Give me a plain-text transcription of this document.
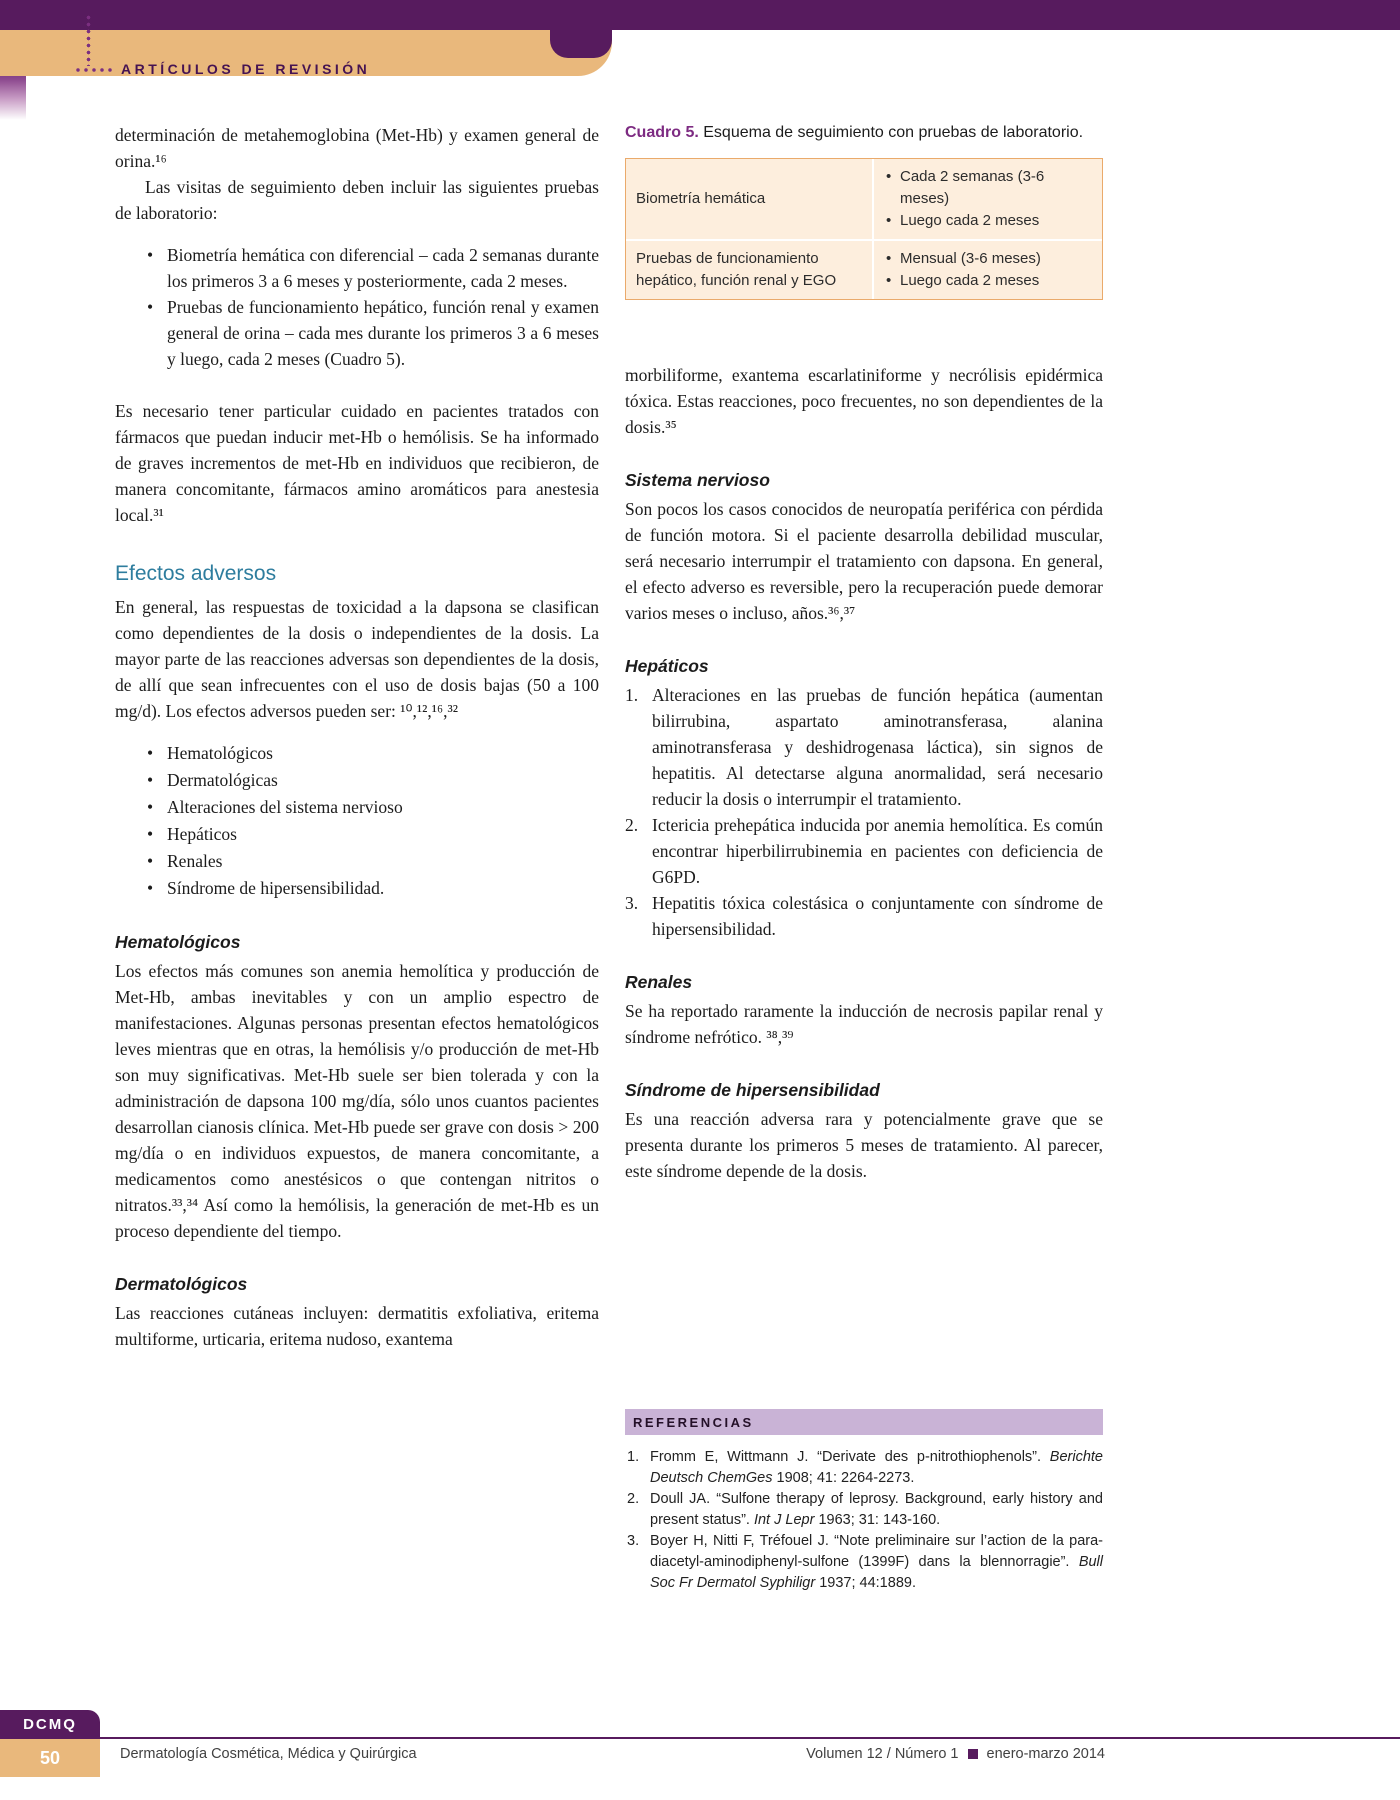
ARTÍCULOS DE REVISIÓN

determinación de metahemoglobina (Met-Hb) y examen general de orina.¹⁶

Las visitas de seguimiento deben incluir las siguientes pruebas de laboratorio:

• Biometría hemática con diferencial – cada 2 semanas durante los primeros 3 a 6 meses y posteriormente, cada 2 meses.
• Pruebas de funcionamiento hepático, función renal y examen general de orina – cada mes durante los primeros 3 a 6 meses y luego, cada 2 meses (Cuadro 5).

Es necesario tener particular cuidado en pacientes tratados con fármacos que puedan inducir met-Hb o hemólisis. Se ha informado de graves incrementos de met-Hb en individuos que recibieron, de manera concomitante, fármacos amino aromáticos para anestesia local.³¹

Efectos adversos

En general, las respuestas de toxicidad a la dapsona se clasifican como dependientes de la dosis o independientes de la dosis. La mayor parte de las reacciones adversas son dependientes de la dosis, de allí que sean infrecuentes con el uso de dosis bajas (50 a 100 mg/d). Los efectos adversos pueden ser: ¹⁰,¹²,¹⁶,³²

• Hematológicos
• Dermatológicas
• Alteraciones del sistema nervioso
• Hepáticos
• Renales
• Síndrome de hipersensibilidad.
Hematológicos

Los efectos más comunes son anemia hemolítica y producción de Met-Hb, ambas inevitables y con un amplio espectro de manifestaciones. Algunas personas presentan efectos hematológicos leves mientras que en otras, la hemólisis y/o producción de met-Hb son muy significativas. Met-Hb suele ser bien tolerada y con la administración de dapsona 100 mg/día, sólo unos cuantos pacientes desarrollan cianosis clínica. Met-Hb puede ser grave con dosis > 200 mg/día o en individuos expuestos, de manera concomitante, a medicamentos como anestésicos o que contengan nitritos o nitratos.³³,³⁴ Así como la hemólisis, la generación de met-Hb es un proceso dependiente del tiempo.

Dermatológicos

Las reacciones cutáneas incluyen: dermatitis exfoliativa, eritema multiforme, urticaria, eritema nudoso, exantema

Cuadro 5. Esquema de seguimiento con pruebas de laboratorio.

Biometría hemática
• Cada 2 semanas (3-6 meses)
• Luego cada 2 meses
Pruebas de funcionamiento hepático, función renal y EGO
• Mensual (3-6 meses)
• Luego cada 2 meses

morbiliforme, exantema escarlatiniforme y necrólisis epidérmica tóxica. Estas reacciones, poco frecuentes, no son dependientes de la dosis.³⁵

Sistema nervioso

Son pocos los casos conocidos de neuropatía periférica con pérdida de función motora. Si el paciente desarrolla debilidad muscular, será necesario interrumpir el tratamiento con dapsona. En general, el efecto adverso es reversible, pero la recuperación puede demorar varios meses o incluso, años.³⁶,³⁷

Hepáticos
1. Alteraciones en las pruebas de función hepática (aumentan bilirrubina, aspartato aminotransferasa, alanina aminotransferasa y deshidrogenasa láctica), sin signos de hepatitis. Al detectarse alguna anormalidad, será necesario reducir la dosis o interrumpir el tratamiento.
2. Ictericia prehepática inducida por anemia hemolítica. Es común encontrar hiperbilirrubinemia en pacientes con deficiencia de G6PD.
3. Hepatitis tóxica colestásica o conjuntamente con síndrome de hipersensibilidad.
Renales

Se ha reportado raramente la inducción de necrosis papilar renal y síndrome nefrótico. ³⁸,³⁹

Síndrome de hipersensibilidad

Es una reacción adversa rara y potencialmente grave que se presenta durante los primeros 5 meses de tratamiento. Al parecer, este síndrome depende de la dosis.

REFERENCIAS
1. Fromm E, Wittmann J. “Derivate des p-nitrothiophenols”. Berichte Deutsch ChemGes 1908; 41: 2264-2273.
2. Doull JA. “Sulfone therapy of leprosy. Background, early history and present status”. Int J Lepr 1963; 31: 143-160.
3. Boyer H, Nitti F, Tréfouel J. “Note preliminaire sur l’action de la para-diacetyl-aminodiphenyl-sulfone (1399F) dans la blennorragie”. Bull Soc Fr Dermatol Syphiligr 1937; 44:1889.
DCMQ
50	Dermatología Cosmética, Médica y Quirúrgica	Volumen 12 / Número 1 enero-marzo 2014
